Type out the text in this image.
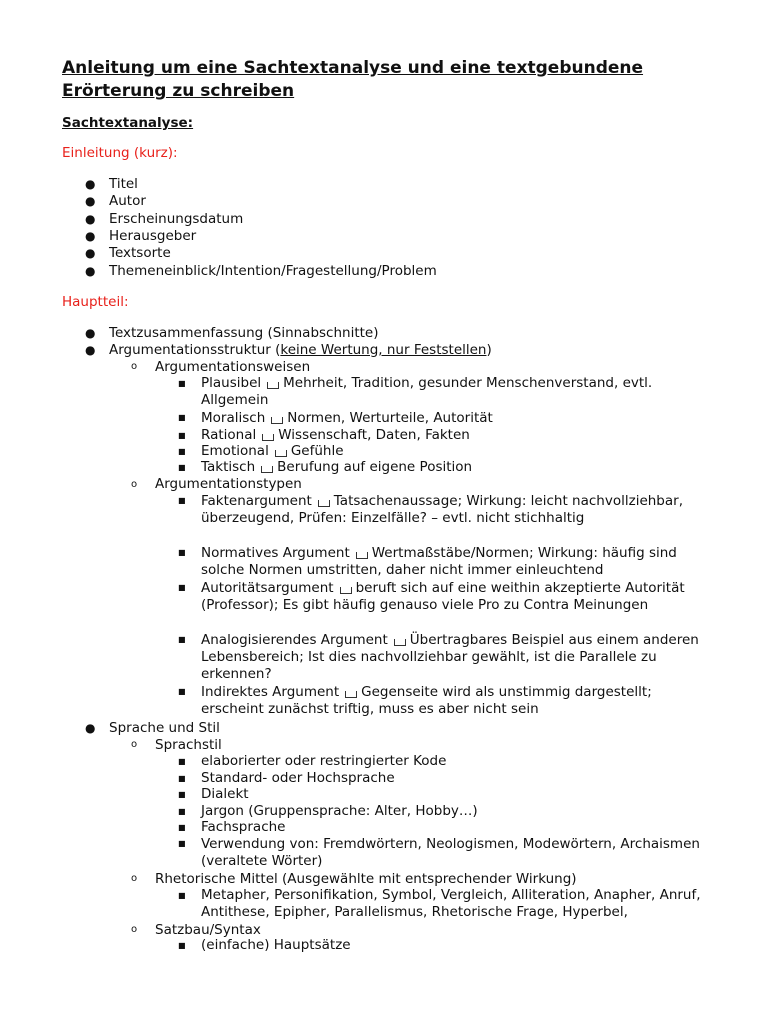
Anleitung um eine Sachtextanalyse und eine textgebundene Erörterung zu schreiben
Sachtextanalyse:

Einleitung (kurz):

● Titel
● Autor
● Erscheinungsdatum
● Herausgeber
● Textsorte
● Themeneinblick/Intention/Fragestellung/Problem

Hauptteil:

● Textzusammenfassung (Sinnabschnitte)
● Argumentationsstruktur (keine Wertung, nur Feststellen)
o Argumentationsweisen
■ Plausibel Mehrheit, Tradition, gesunder Menschenverstand, evtl. Allgemein
■ Moralisch Normen, Werturteile, Autorität
■ Rational Wissenschaft, Daten, Fakten
■ Emotional Gefühle
■ Taktisch Berufung auf eigene Position
o Argumentationstypen
■ Faktenargument Tatsachenaussage; Wirkung: leicht nachvollziehbar, überzeugend, Prüfen: Einzelfälle? – evtl. nicht stichhaltig
■ Normatives Argument Wertmaßstäbe/Normen; Wirkung: häufig sind solche Normen umstritten, daher nicht immer einleuchtend
■ Autoritätsargument beruft sich auf eine weithin akzeptierte Autorität (Professor); Es gibt häufig genauso viele Pro zu Contra Meinungen
■ Analogisierendes Argument Übertragbares Beispiel aus einem anderen Lebensbereich; Ist dies nachvollziehbar gewählt, ist die Parallele zu erkennen?
■ Indirektes Argument Gegenseite wird als unstimmig dargestellt; erscheint zunächst triftig, muss es aber nicht sein
● Sprache und Stil
o Sprachstil
■ elaborierter oder restringierter Kode
■ Standard- oder Hochsprache
■ Dialekt
■ Jargon (Gruppensprache: Alter, Hobby…)
■ Fachsprache
■ Verwendung von: Fremdwörtern, Neologismen, Modewörtern, Archaismen (veraltete Wörter)
o Rhetorische Mittel (Ausgewählte mit entsprechender Wirkung)
■ Metapher, Personifikation, Symbol, Vergleich, Alliteration, Anapher, Anruf, Antithese, Epipher, Parallelismus, Rhetorische Frage, Hyperbel,
o Satzbau/Syntax
■ (einfache) Hauptsätze
